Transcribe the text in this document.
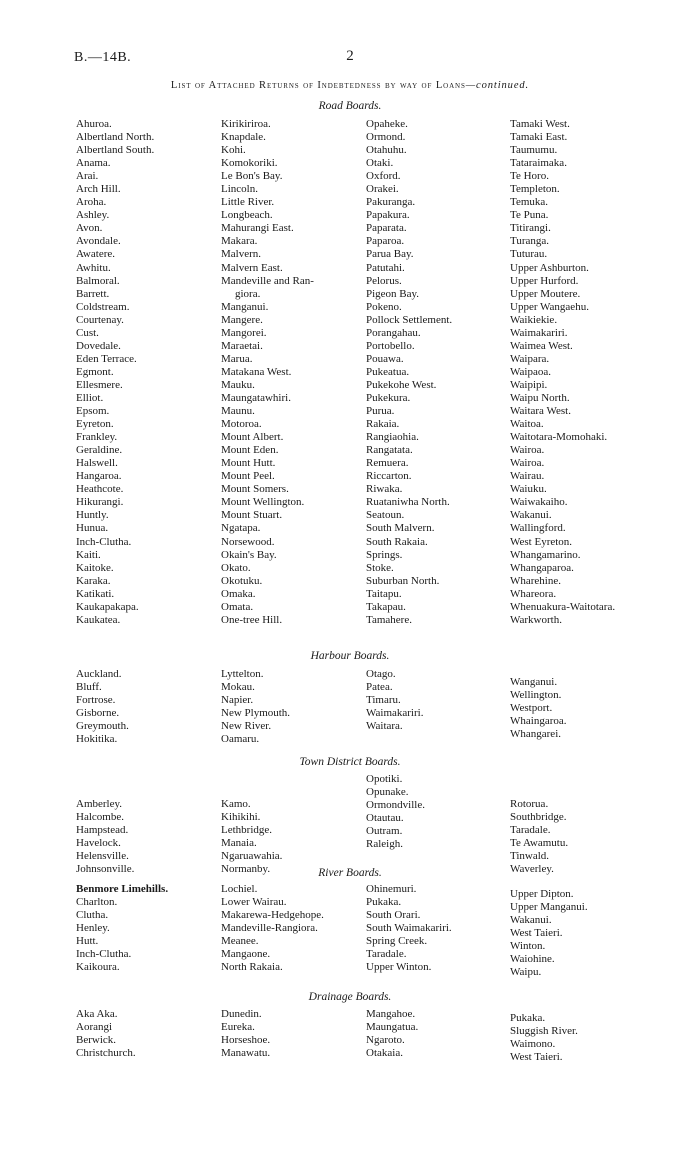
B.—14B.	2
List of Attached Returns of Indebtedness by way of Loans—continued.
Road Boards.
Ahuroa.
Albertland North.
Albertland South.
Anama.
Arai.
Arch Hill.
Aroha.
Ashley.
Avon.
Avondale.
Awatere.
Awhitu.
Balmoral.
Barrett.
Coldstream.
Courtenay.
Cust.
Dovedale.
Eden Terrace.
Egmont.
Ellesmere.
Elliot.
Epsom.
Eyreton.
Frankley.
Geraldine.
Halswell.
Hangaroa.
Heathcote.
Hikurangi.
Huntly.
Hunua.
Inch-Clutha.
Kaiti.
Kaitoke.
Karaka.
Katikati.
Kaukapakapa.
Kaukatea.
Kirikiriroa.
Knapdale.
Kohi.
Komokoriki.
Le Bon's Bay.
Lincoln.
Little River.
Longbeach.
Mahurangi East.
Makara.
Malvern.
Malvern East.
Mandeville and Ran-
giora.
Manganui.
Mangere.
Mangorei.
Maraetai.
Marua.
Matakana West.
Mauku.
Maungatawhiri.
Maunu.
Motoroa.
Mount Albert.
Mount Eden.
Mount Hutt.
Mount Peel.
Mount Somers.
Mount Wellington.
Mount Stuart.
Ngatapa.
Norsewood.
Okain's Bay.
Okato.
Okotuku.
Omaka.
Omata.
One-tree Hill.
Opaheke.
Ormond.
Otahuhu.
Otaki.
Oxford.
Orakei.
Pakuranga.
Papakura.
Paparata.
Paparoa.
Parua Bay.
Patutahi.
Pelorus.
Pigeon Bay.
Pokeno.
Pollock Settlement.
Porangahau.
Portobello.
Pouawa.
Pukeatua.
Pukekohe West.
Pukekura.
Purua.
Rakaia.
Rangiaohia.
Rangatata.
Remuera.
Riccarton.
Riwaka.
Ruataniwha North.
Seatoun.
South Malvern.
South Rakaia.
Springs.
Stoke.
Suburban North.
Taitapu.
Takapau.
Tamahere.
Tamaki West.
Tamaki East.
Taumumu.
Tataraimaka.
Te Horo.
Templeton.
Temuka.
Te Puna.
Titirangi.
Turanga.
Tuturau.
Upper Ashburton.
Upper Hurford.
Upper Moutere.
Upper Wangaehu.
Waikiekie.
Waimakariri.
Waimea West.
Waipara.
Waipaoa.
Waipipi.
Waipu North.
Waitara West.
Waitoa.
Waitotara-Momohaki.
Wairoa.
Wairoa.
Wairau.
Waiuku.
Waiwakaiho.
Wakanui.
Wallingford.
West Eyreton.
Whangamarino.
Whangaparoa.
Wharehine.
Whareora.
Whenuakura-Waitotara.
Warkworth.
Harbour Boards.
Auckland.
Bluff.
Fortrose.
Gisborne.
Greymouth.
Hokitika.
Lyttelton.
Mokau.
Napier.
New Plymouth.
New River.
Oamaru.
Otago.
Patea.
Timaru.
Waimakariri.
Waitara.
Wanganui.
Wellington.
Westport.
Whaingaroa.
Whangarei.
Town District Boards.
Amberley.
Halcombe.
Hampstead.
Havelock.
Helensville.
Johnsonville.
Kamo.
Kihikihi.
Lethbridge.
Manaia.
Ngaruawahia.
Normanby.
Opotiki.
Opunake.
Ormondville.
Otautau.
Outram.
Raleigh.
Rotorua.
Southbridge.
Taradale.
Te Awamutu.
Tinwald.
Waverley.
River Boards.
Benmore Limehills.
Charlton.
Clutha.
Henley.
Hutt.
Inch-Clutha.
Kaikoura.
Lochiel.
Lower Wairau.
Makarewa-Hedgehope.
Mandeville-Rangiora.
Meanee.
Mangaone.
North Rakaia.
Ohinemuri.
Pukaka.
South Orari.
South Waimakariri.
Spring Creek.
Taradale.
Upper Winton.
Upper Dipton.
Upper Manganui.
Wakanui.
West Taieri.
Winton.
Waiohine.
Waipu.
Drainage Boards.
Aka Aka.
Aorangi
Berwick.
Christchurch.
Dunedin.
Eureka.
Horseshoe.
Manawatu.
Mangahoe.
Maungatua.
Ngaroto.
Otakaia.
Pukaka.
Sluggish River.
Waimono.
West Taieri.
